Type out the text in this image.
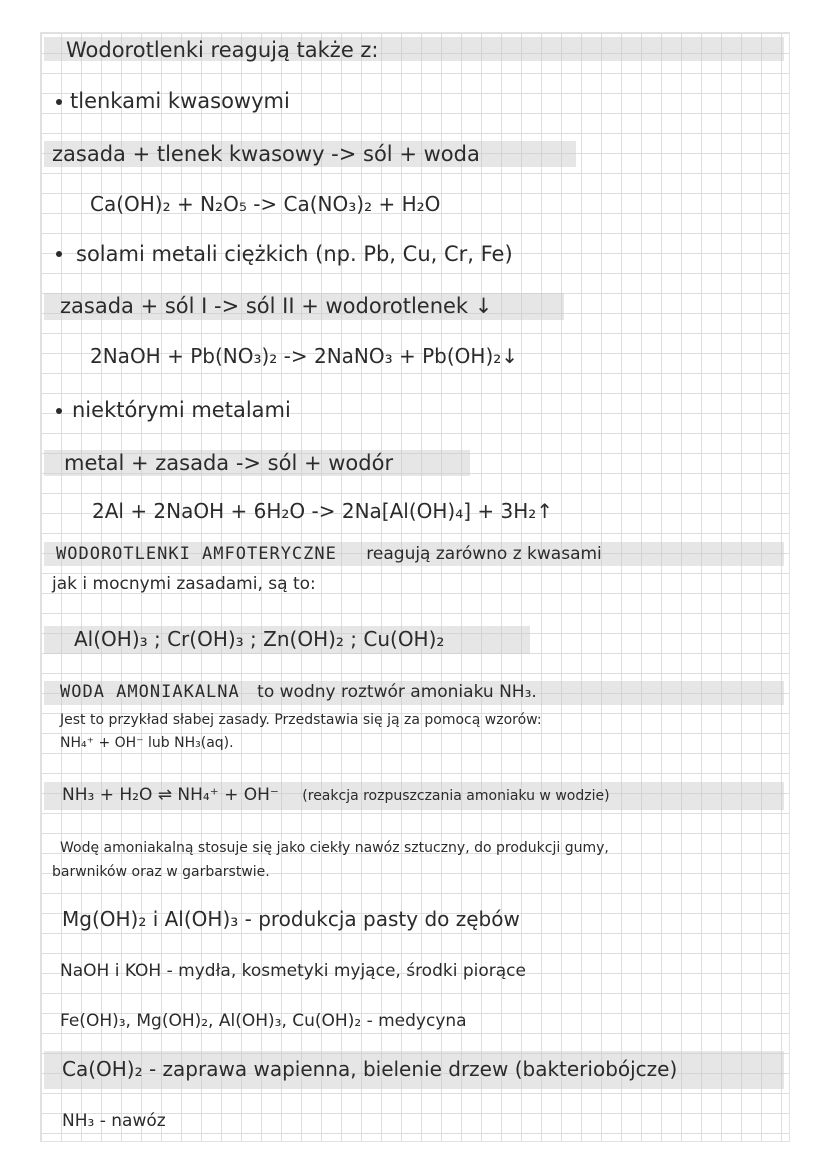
Wodorotlenki reagują także z:
tlenkami kwasowymi
zasada + tlenek kwasowy -> sól + woda
Ca(OH)₂ + N₂O₅ -> Ca(NO₃)₂ + H₂O
solami metali ciężkich (np. Pb, Cu, Cr, Fe)
zasada + sól I -> sól II + wodorotlenek ↓
2NaOH + Pb(NO₃)₂ -> 2NaNO₃ + Pb(OH)₂↓
niektórymi metalami
metal + zasada -> sól + wodór
2Al + 2NaOH + 6H₂O -> 2Na[Al(OH)₄] + 3H₂↑
WODOROTLENKI AMFOTERYCZNE reagują zarówno z kwasami
jak i mocnymi zasadami, są to:
Al(OH)₃ ; Cr(OH)₃ ; Zn(OH)₂ ; Cu(OH)₂
WODA AMONIAKALNA to wodny roztwór amoniaku NH₃.
Jest to przykład słabej zasady. Przedstawia się ją za pomocą wzorów:
NH₄⁺ + OH⁻ lub NH₃(aq).
NH₃ + H₂O ⇌ NH₄⁺ + OH⁻ (reakcja rozpuszczania amoniaku w wodzie)
Wodę amoniakalną stosuje się jako ciekły nawóz sztuczny, do produkcji gumy,
barwników oraz w garbarstwie.
Mg(OH)₂ i Al(OH)₃ - produkcja pasty do zębów
NaOH i KOH - mydła, kosmetyki myjące, środki piorące
Fe(OH)₃, Mg(OH)₂, Al(OH)₃, Cu(OH)₂ - medycyna
Ca(OH)₂ - zaprawa wapienna, bielenie drzew (bakteriobójcze)
NH₃ - nawóz
